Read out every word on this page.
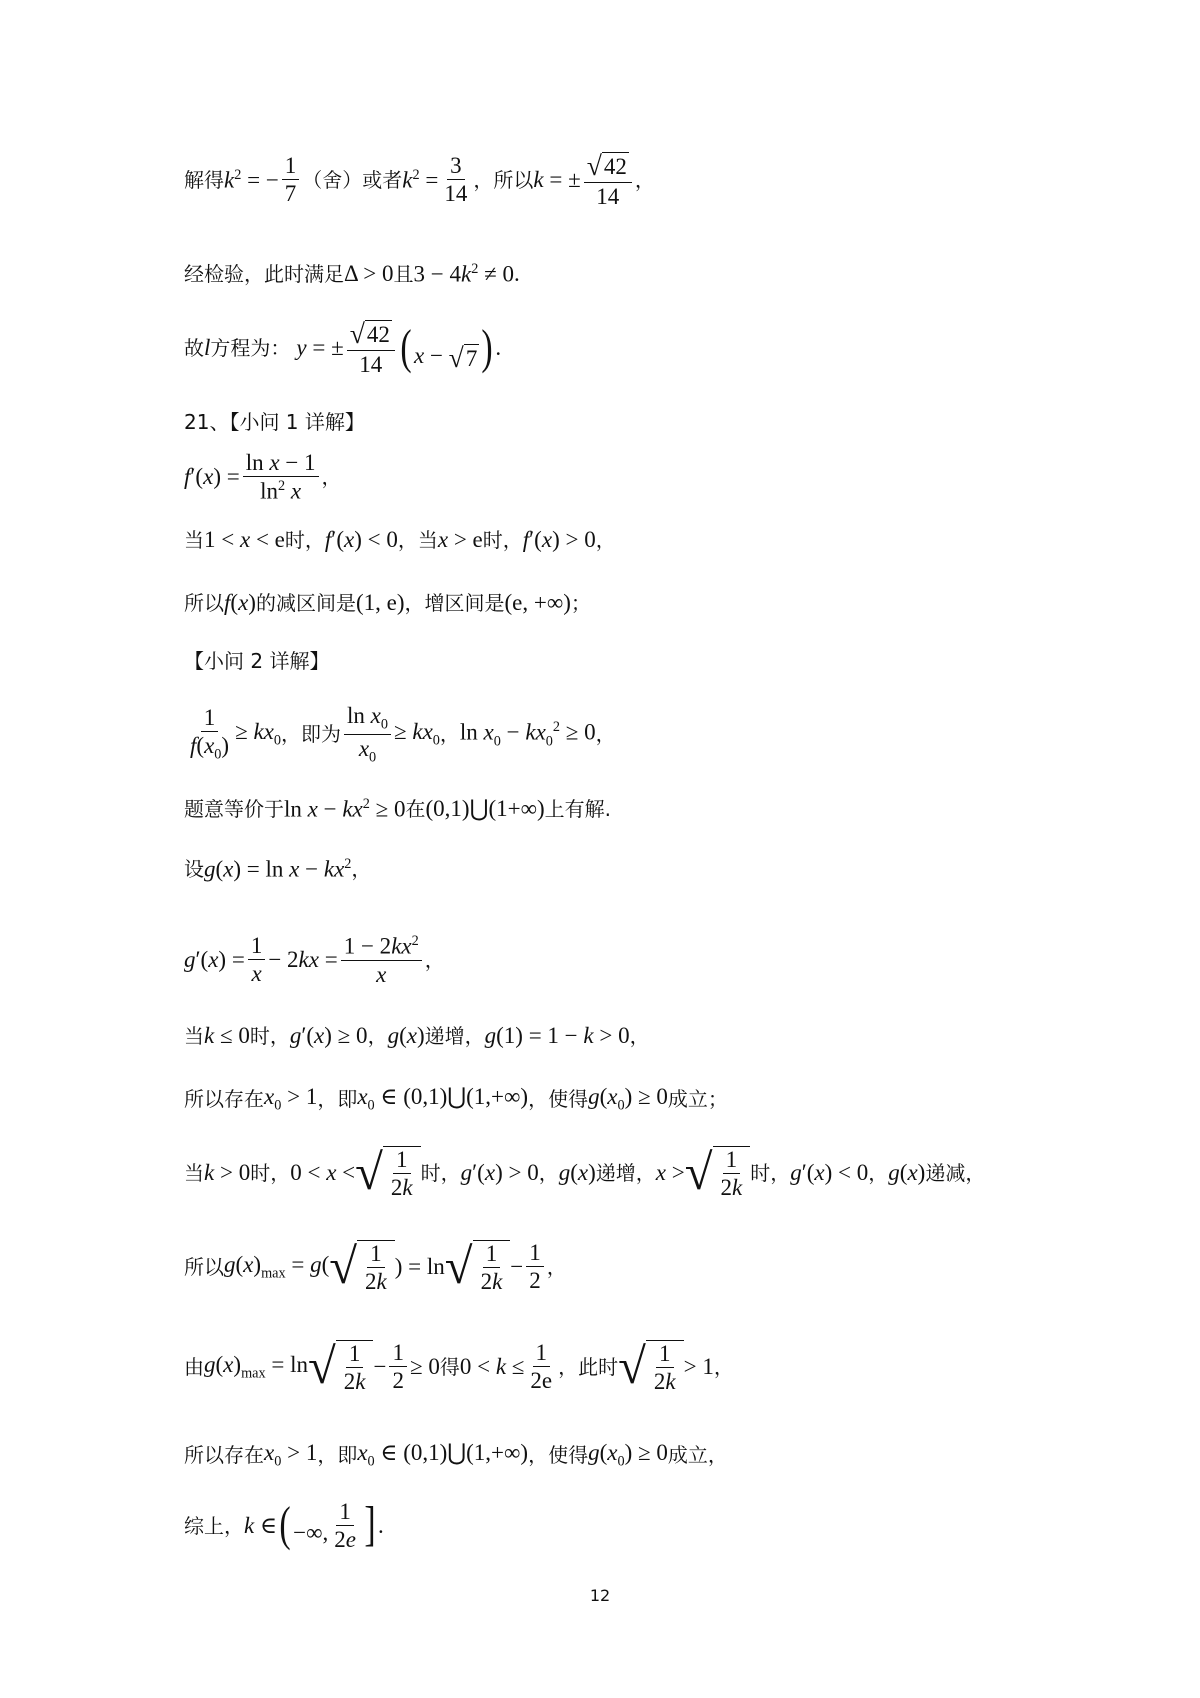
解得 $k^2$ = − $\frac{1}{7}$ （舍）或者 $k^2 = \frac{3}{14}$ ，所以 k = ± $\frac{√ 42}{14}$ ，
经检验，此时满足 Δ > 0 且 $3 - 4k^2 \ne 0$ .
故 l 方程为： y = ± $\frac{√ 42}{14}$ ( x − √ 7 ) .
21、【小问 1 详解】
$f'(x) = \frac{\text{ln x − 1}}{\ln^2 x}$ ，
当 1 < x < e 时， f′(x) < 0 ，当 x > e 时， f′(x) > 0 ，
所以 f(x) 的减区间是 (1, e) ，增区间是 (e, +∞) ；
【小问 2 详解】
$\frac{1}{f(x_0)} \ge kx_0$ ，即为 $\frac{\ln x_0}{x_0} \ge kx_0$ ， $\ln x_0 - kx_0^2 \ge 0$ ，
题意等价于 $\ln x - kx^2 \ge 0$ 在 (0,1)⋃(1+∞) 上有解.
设 $g(x) = \ln x - kx^2$ ，
$g'(x) = \frac{1}{x} - 2kx = \frac{1 - 2kx^2}{x}$ ，
当 k ≤ 0 时， g′(x) ≥ 0 ， g(x) 递增， g(1) = 1 − k > 0 ，
所以存在 $x_0 > 1$ ，即 $x_0$ ∈ (0,1)⋃(1,+∞) ，使得 $g(x_0) \ge 0$ 成立；
当 k > 0 时， 0 < x < √ $\frac{1}{2k}$ 时， g′(x) > 0 ， g(x) 递增， x > √ $\frac{1}{2k}$ 时， g′(x) < 0 ， g(x) 递减，
所以 $g(x)_{max} = g$( √ $\frac{1}{2k}$ ) = ln √ $\frac{1}{2k} - \frac{1}{2}$ ，
由 $g(x)_{max} = \ln$ √ $\frac{1}{2k} - \frac{1}{2} \ge 0$ 得 $0 < k \le \frac{1}{2e}$ ，此时 √ $\frac{1}{2k} > 1$ ，
所以存在 $x_0 > 1$ ，即 $x_0$ ∈ (0,1)⋃(1,+∞) ，使得 $g(x_0) \ge 0$ 成立，
综上， k ∈ ( −∞, $\frac{1}{2e}$ ] .
12
